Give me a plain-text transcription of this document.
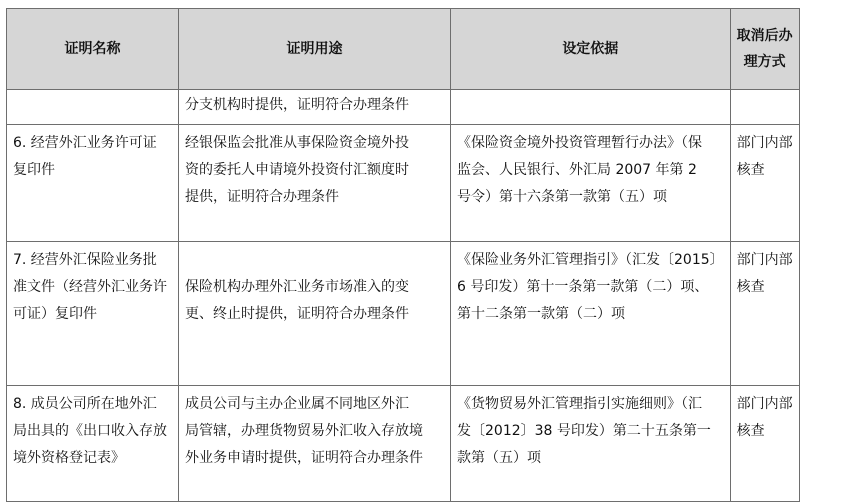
证明名称	证明用途	设定依据	取消后办
理方式

	分支机构时提供，证明符合办理条件		

6. 经营外汇业务许可证
复印件	经银保监会批准从事保险资金境外投
资的委托人申请境外投资付汇额度时
提供，证明符合办理条件	《保险资金境外投资管理暂行办法》（保
监会、人民银行、外汇局 2007 年第 2
号令）第十六条第一款第（五）项	部门内部
核查

7. 经营外汇保险业务批
准文件（经营外汇业务许
可证）复印件	保险机构办理外汇业务市场准入的变
更、终止时提供，证明符合办理条件	《保险业务外汇管理指引》（汇发〔2015〕
6 号印发）第十一条第一款第（二）项、
第十二条第一款第（二）项	部门内部
核查

8. 成员公司所在地外汇
局出具的《出口收入存放
境外资格登记表》	成员公司与主办企业属不同地区外汇
局管辖，办理货物贸易外汇收入存放境
外业务申请时提供，证明符合办理条件	《货物贸易外汇管理指引实施细则》（汇
发〔2012〕38 号印发）第二十五条第一
款第（五）项	部门内部
核查
